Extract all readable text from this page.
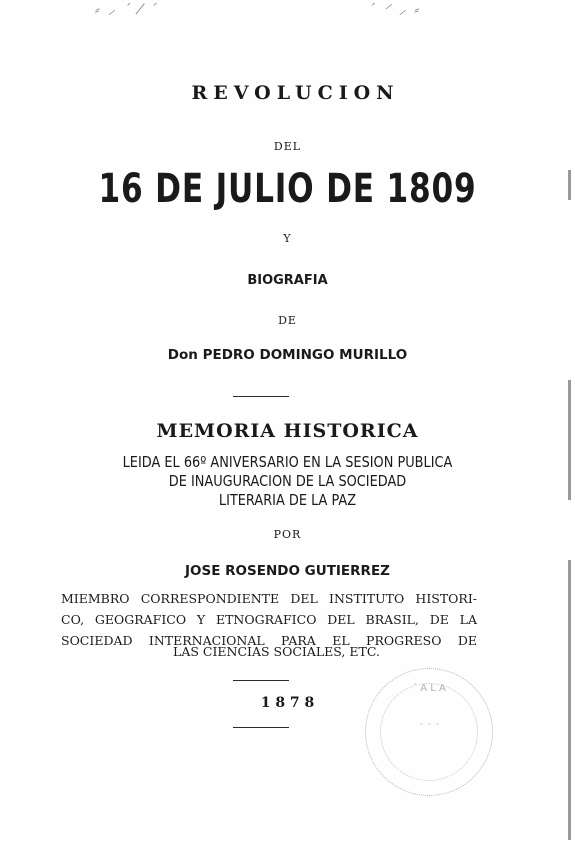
⸗ ⸝ ˊ ⁄ ˊ	ˊ ⸍ ⸝ ⸗
REVOLUCION
DEL
16 DE JULIO DE 1809
Y
BIOGRAFIA
DE
Don PEDRO DOMINGO MURILLO
MEMORIA HISTORICA
LEIDA EL 66º ANIVERSARIO EN LA SESION PUBLICA
DE INAUGURACION DE LA SOCIEDAD
LITERARIA DE LA PAZ
POR
JOSE ROSENDO GUTIERREZ
MIEMBRO CORRESPONDIENTE DEL INSTITUTO HISTORI-
CO, GEOGRAFICO Y ETNOGRAFICO DEL BRASIL, DE LA
SOCIEDAD INTERNACIONAL PARA EL PROGRESO DE
LAS CIENCIAS SOCIALES, ETC.
1 8 7 8
ˊ A L A
ˊ ˊ ˊ
